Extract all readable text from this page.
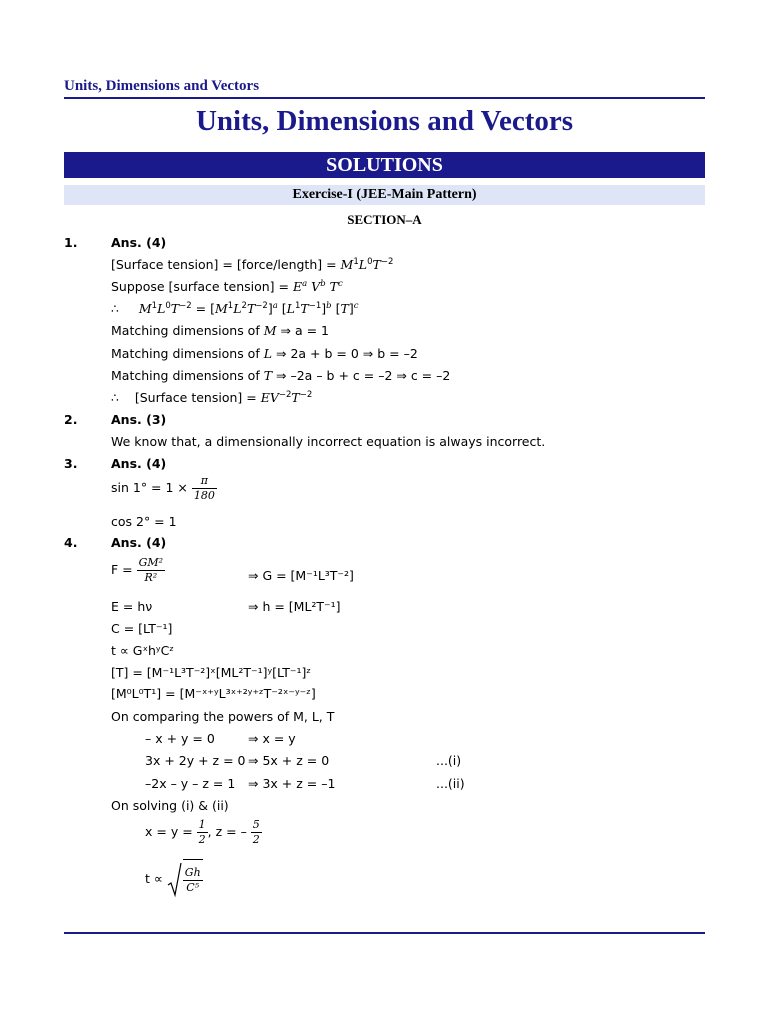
Units, Dimensions and Vectors
Units, Dimensions and Vectors
SOLUTIONS
Exercise-I (JEE-Main Pattern)
SECTION–A
1.	Ans. (4)
[Surface tension] = [force/length] = $M^1L^0T^{-2}$
Suppose [surface tension] = $E^a$ $V^b$ $T^c$
∴ $M^1L^0T^{-2} = [M^1L^2T^{-2}]^a$ $[L^1T^{-1}]^b$ $[T]^c$
Matching dimensions of M ⇒ a = 1
Matching dimensions of L ⇒ 2a + b = 0 ⇒ b = –2
Matching dimensions of T ⇒ –2a – b + c = –2 ⇒ c = –2
∴ [Surface tension] = $EV^{-2}T^{-2}$
2.	Ans. (3)
We know that, a dimensionally incorrect equation is always incorrect.
3.	Ans. (4)
$\sin 1^\circ = 1 \times \frac{\pi}{180}$
cos 2° = 1
4.	Ans. (4)
$F = \frac{\text{GM²}}{\text{R²}}$	⇒ G = [M⁻¹L³T⁻²]
E = hν	⇒ h = [ML²T⁻¹]
C = [LT⁻¹]
t ∝ GˣhʸCᶻ
[T] = [M⁻¹L³T⁻²]ˣ[ML²T⁻¹]ʸ[LT⁻¹]ᶻ
[M⁰L⁰T¹] = [M⁻ˣ⁺ʸL³ˣ⁺²ʸ⁺ᶻT⁻²ˣ⁻ʸ⁻ᶻ]
On comparing the powers of M, L, T
– x + y = 0	⇒ x = y
3x + 2y + z = 0 ⇒ 5x + z = 0	...(i)
–2x – y – z = 1 ⇒ 3x + z = –1	...(ii)
On solving (i) & (ii)
$x = y = \frac{1}{2}$ , z = – $\frac{5}{2}$
$t \propto \frac{Gh}{\text{C⁵}}$
